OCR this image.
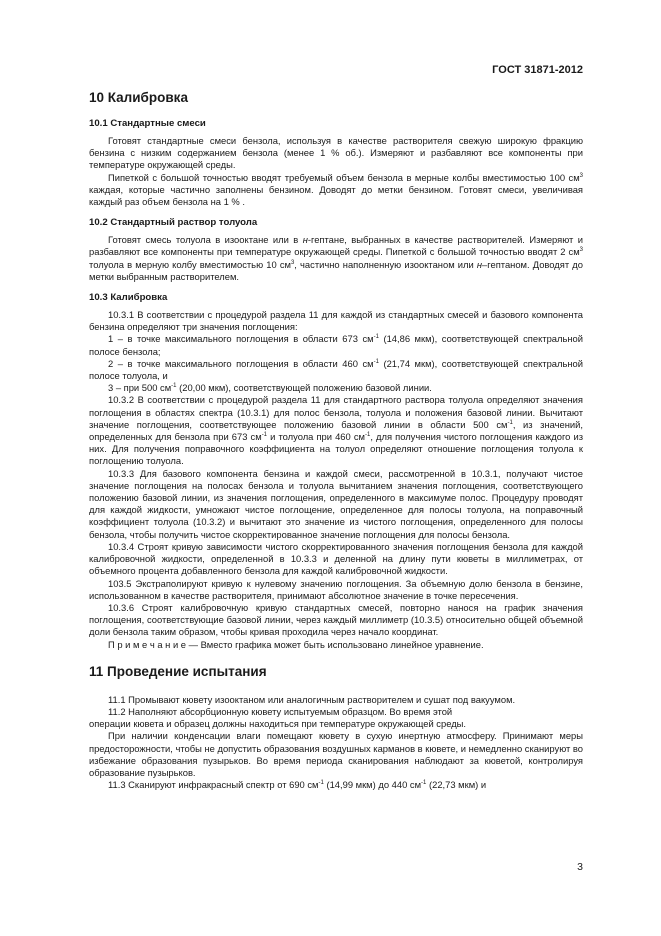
ГОСТ 31871-2012
10 Калибровка
10.1 Стандартные смеси

Готовят стандартные смеси бензола, используя в качестве растворителя свежую широкую фракцию бензина с низким содержанием бензола (менее 1 % об.). Измеряют и разбавляют все компоненты при температуре окружающей среды.

Пипеткой с большой точностью вводят требуемый объем бензола в мерные колбы вместимостью 100 $см^3$ каждая, которые частично заполнены бензином. Доводят до метки бензином. Готовят смеси, увеличивая каждый раз объем бензола на 1 % .

10.2 Стандартный раствор толуола

Готовят смесь толуола в изооктане или в н-гептане, выбранных в качестве растворителей. Измеряют и разбавляют все компоненты при температуре окружающей среды. Пипеткой с большой точностью вводят 2 $см^3$ толуола в мерную колбу вместимостью 10 $см^3$, частично наполненную изооктаном или н–гептаном. Доводят до метки выбранным растворителем.

10.3 Калибровка

10.3.1 В соответствии с процедурой раздела 11 для каждой из стандартных смесей и базового компонента бензина определяют три значения поглощения:

1 – в точке максимального поглощения в области 673 $см^{-1}$ (14,86 мкм), соответствующей спектральной полосе бензола;

2 – в точке максимального поглощения в области 460 $см^{-1}$ (21,74 мкм), соответствующей спектральной полосе толуола, и

3 – при 500 $см^{-1}$ (20,00 мкм), соответствующей положению базовой линии.

10.3.2 В соответствии с процедурой раздела 11 для стандартного раствора толуола определяют значения поглощения в областях спектра (10.3.1) для полос бензола, толуола и положения базовой линии. Вычитают значение поглощения, соответствующее положению базовой линии в области 500 $см^{-1}$, из значений, определенных для бензола при 673 $см^{-1}$ и толуола при 460 $см^{-1}$, для получения чистого поглощения каждого из них. Для получения поправочного коэффициента на толуол определяют отношение поглощения толуола к поглощению толуола.

10.3.3 Для базового компонента бензина и каждой смеси, рассмотренной в 10.3.1, получают чистое значение поглощения на полосах бензола и толуола вычитанием значения поглощения, соответствующего положению базовой линии, из значения поглощения, определенного в максимуме полос. Процедуру проводят для каждой жидкости, умножают чистое поглощение, определенное для полосы толуола, на поправочный коэффициент толуола (10.3.2) и вычитают это значение из чистого поглощения, определенного для полосы бензола, чтобы получить чистое скорректированное значение поглощения для полосы бензола.

10.3.4 Строят кривую зависимости чистого скорректированного значения поглощения бензола для каждой калибровочной жидкости, определенной в 10.3.3 и деленной на длину пути кюветы в миллиметрах, от объемного процента добавленного бензола для каждой калибровочной жидкости.

103.5 Экстраполируют кривую к нулевому значению поглощения. За объемную долю бензола в бензине, использованном в качестве растворителя, принимают абсолютное значение в точке пересечения.

10.3.6 Строят калибровочную кривую стандартных смесей, повторно нанося на график значения поглощения, соответствующие базовой линии, через каждый миллиметр (10.3.5) относительно общей объемной доли бензола таким образом, чтобы кривая проходила через начало координат.

П р и м е ч а н и е — Вместо графика может быть использовано линейное уравнение.

11 Проведение испытания

11.1 Промывают кювету изооктаном или аналогичным растворителем и сушат под вакуумом.

11.2 Наполняют абсорбционную кювету испытуемым образцом. Во время этой

операции кювета и образец должны находиться при температуре окружающей среды.

При наличии конденсации влаги помещают кювету в сухую инертную атмосферу. Принимают меры предосторожности, чтобы не допустить образования воздушных карманов в кювете, и немедленно сканируют во избежание образования пузырьков. Во время периода сканирования наблюдают за кюветой, контролируя образование пузырьков.

11.3 Сканируют инфракрасный спектр от 690 $см^{-1}$ (14,99 мкм) до 440 $см^{-1}$ (22,73 мкм) и

3
